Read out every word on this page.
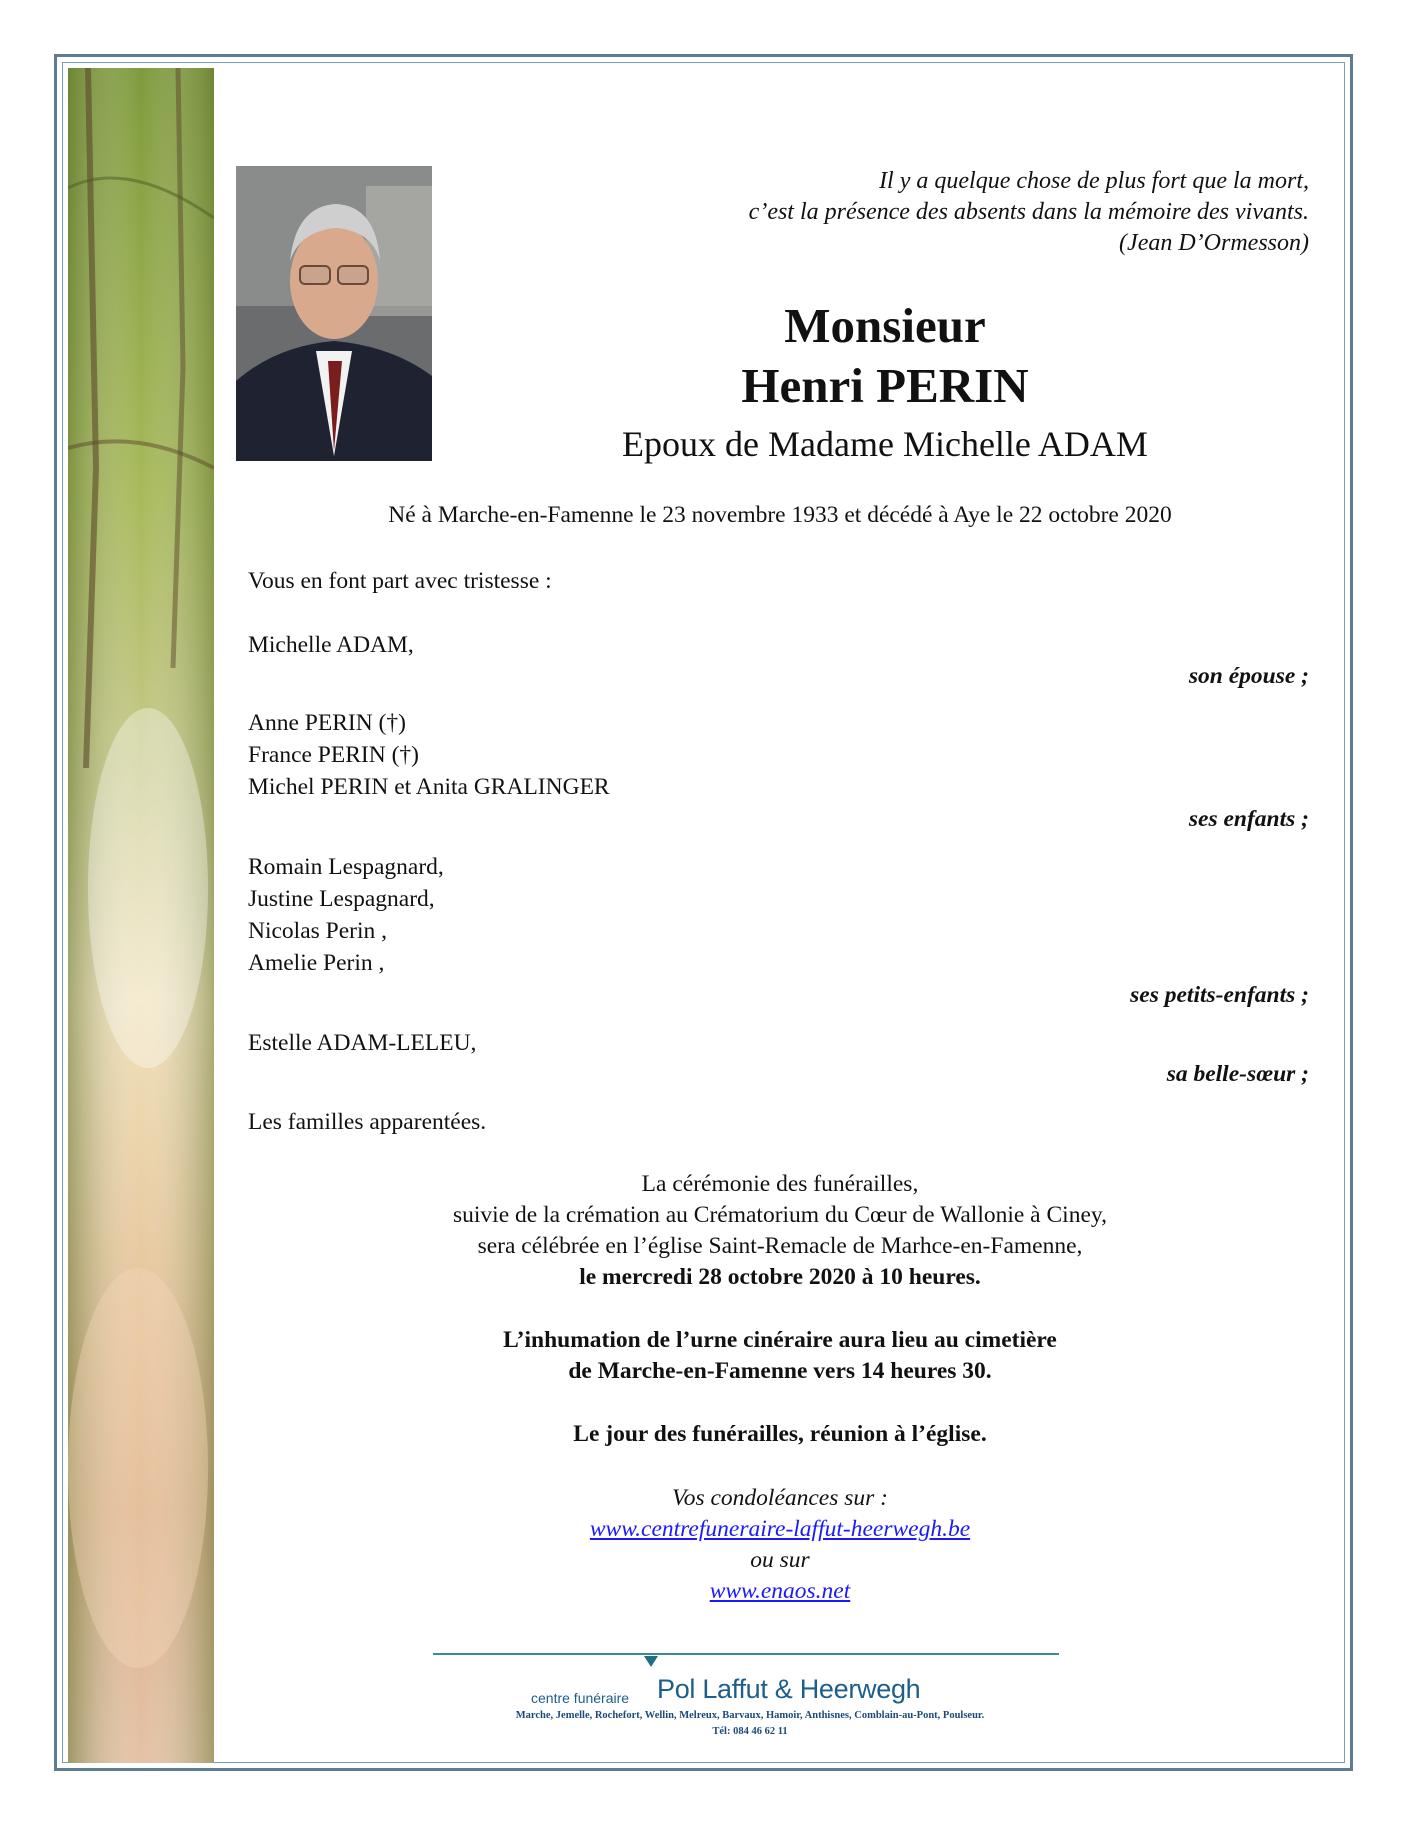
Il y a quelque chose de plus fort que la mort,
c’est la présence des absents dans la mémoire des vivants.
(Jean D’Ormesson)
Monsieur
Henri PERIN
Epoux de Madame Michelle ADAM
Né à Marche-en-Famenne le 23 novembre 1933 et décédé à Aye le 22 octobre 2020
Vous en font part avec tristesse :
Michelle ADAM,
son épouse ;
Anne PERIN (†)
France PERIN (†)
Michel PERIN et Anita GRALINGER
ses enfants ;
Romain Lespagnard,
Justine Lespagnard,
Nicolas Perin ,
Amelie Perin ,
ses petits-enfants ;
Estelle ADAM-LELEU,
sa belle-sœur ;
Les familles apparentées.
La cérémonie des funérailles,
suivie de la crémation au Crématorium du Cœur de Wallonie à Ciney,
sera célébrée en l’église Saint-Remacle de Marhce-en-Famenne,
le mercredi 28 octobre 2020 à 10 heures.
L’inhumation de l’urne cinéraire aura lieu au cimetière
de Marche-en-Famenne vers 14 heures 30.
Le jour des funérailles, réunion à l’église.
Vos condoléances sur :
www.centrefuneraire-laffut-heerwegh.be
ou sur
www.enaos.net
centre funéraire Pol Laffut & Heerwegh
Marche, Jemelle, Rochefort, Wellin, Melreux, Barvaux, Hamoir, Anthisnes, Comblain-au-Pont, Poulseur.
Tél: 084 46 62 11
